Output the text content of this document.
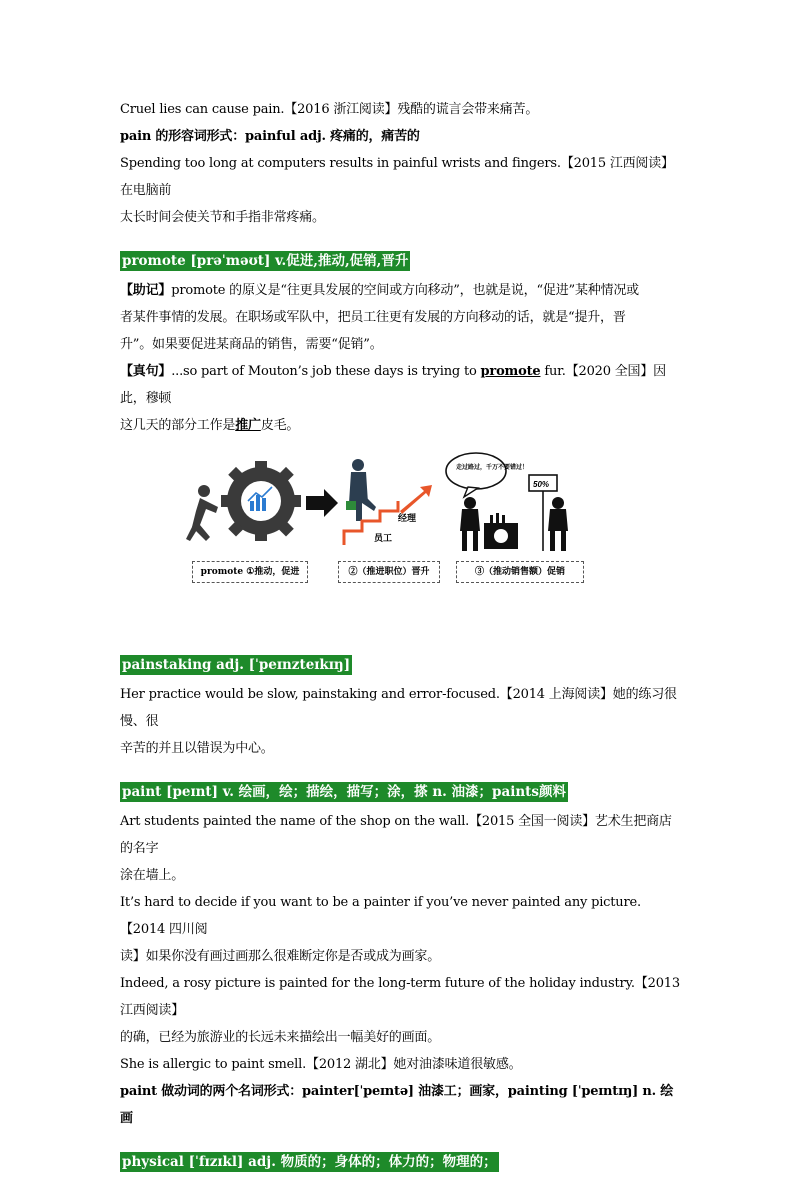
Cruel lies can cause pain.【2016 浙江阅读】残酷的谎言会带来痛苦。
pain 的形容词形式：painful adj. 疼痛的，痛苦的
Spending too long at computers results in painful wrists and fingers.【2015 江西阅读】在电脑前
太长时间会使关节和手指非常疼痛。
promote [prəˈməʊt] v.促进,推动,促销,晋升
【助记】promote 的原义是“往更具发展的空间或方向移动”，也就是说，“促进”某种情况或
者某件事情的发展。在职场或军队中，把员工往更有发展的方向移动的话，就是“提升，晋
升”。如果要促进某商品的销售，需要“促销”。
【真句】...so part of Mouton’s job these days is trying to promote fur.【2020 全国】因此，穆顿
这几天的部分工作是推广皮毛。
经理
员工
走过路过，千万不要错过！
50%
promote ①推动，促进	②（推进职位）晋升	③（推动销售额）促销
painstaking adj. [ˈpeɪnzteɪkɪŋ]
Her practice would be slow, painstaking and error-focused.【2014 上海阅读】她的练习很慢、很
辛苦的并且以错误为中心。
paint [peɪnt] v. 绘画，绘；描绘，描写；涂，搽 n. 油漆；paints颜料
Art students painted the name of the shop on the wall.【2015 全国一阅读】艺术生把商店的名字
涂在墙上。
It’s hard to decide if you want to be a painter if you’ve never painted any picture.【2014 四川阅
读】如果你没有画过画那么很难断定你是否或成为画家。
Indeed, a rosy picture is painted for the long-term future of the holiday industry.【2013 江西阅读】
的确，已经为旅游业的长远未来描绘出一幅美好的画面。
She is allergic to paint smell.【2012 湖北】她对油漆味道很敏感。
paint 做动词的两个名词形式：painter[ˈpeɪntə] 油漆工；画家，painting [ˈpeɪntɪŋ] n. 绘画
physical [ˈfɪzɪkl] adj. 物质的；身体的；体力的；物理的；
